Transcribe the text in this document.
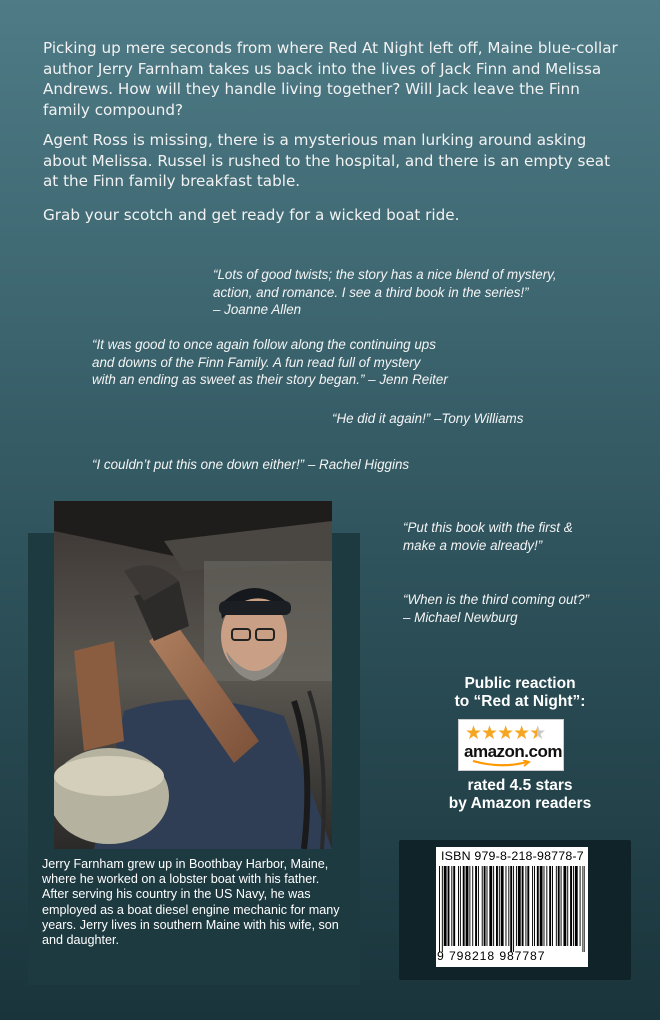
Picking up mere seconds from where Red At Night left off, Maine blue-collar author Jerry Farnham takes us back into the lives of Jack Finn and Melissa Andrews. How will they handle living together? Will Jack leave the Finn family compound?

Agent Ross is missing, there is a mysterious man lurking around asking about Melissa. Russel is rushed to the hospital, and there is an empty seat at the Finn family breakfast table.

Grab your scotch and get ready for a wicked boat ride.

“Lots of good twists; the story has a nice blend of mystery,
action, and romance. I see a third book in the series!”
– Joanne Allen
“It was good to once again follow along the continuing ups
and downs of the Finn Family. A fun read full of mystery
with an ending as sweet as their story began.” – Jenn Reiter
“He did it again!” –Tony Williams
“I couldn’t put this one down either!” – Rachel Higgins
“Put this book with the first &
make a movie already!”
“When is the third coming out?”
– Michael Newburg
Jerry Farnham grew up in Boothbay Harbor, Maine, where he worked on a lobster boat with his father. After serving his country in the US Navy, he was employed as a boat diesel engine mechanic for many years. Jerry lives in southern Maine with his wife, son and daughter.
Public reaction
to “Red at Night”:
★★★★★
amazon.com
rated 4.5 stars
by Amazon readers
ISBN 979-8-218-98778-7
9 798218 987787
